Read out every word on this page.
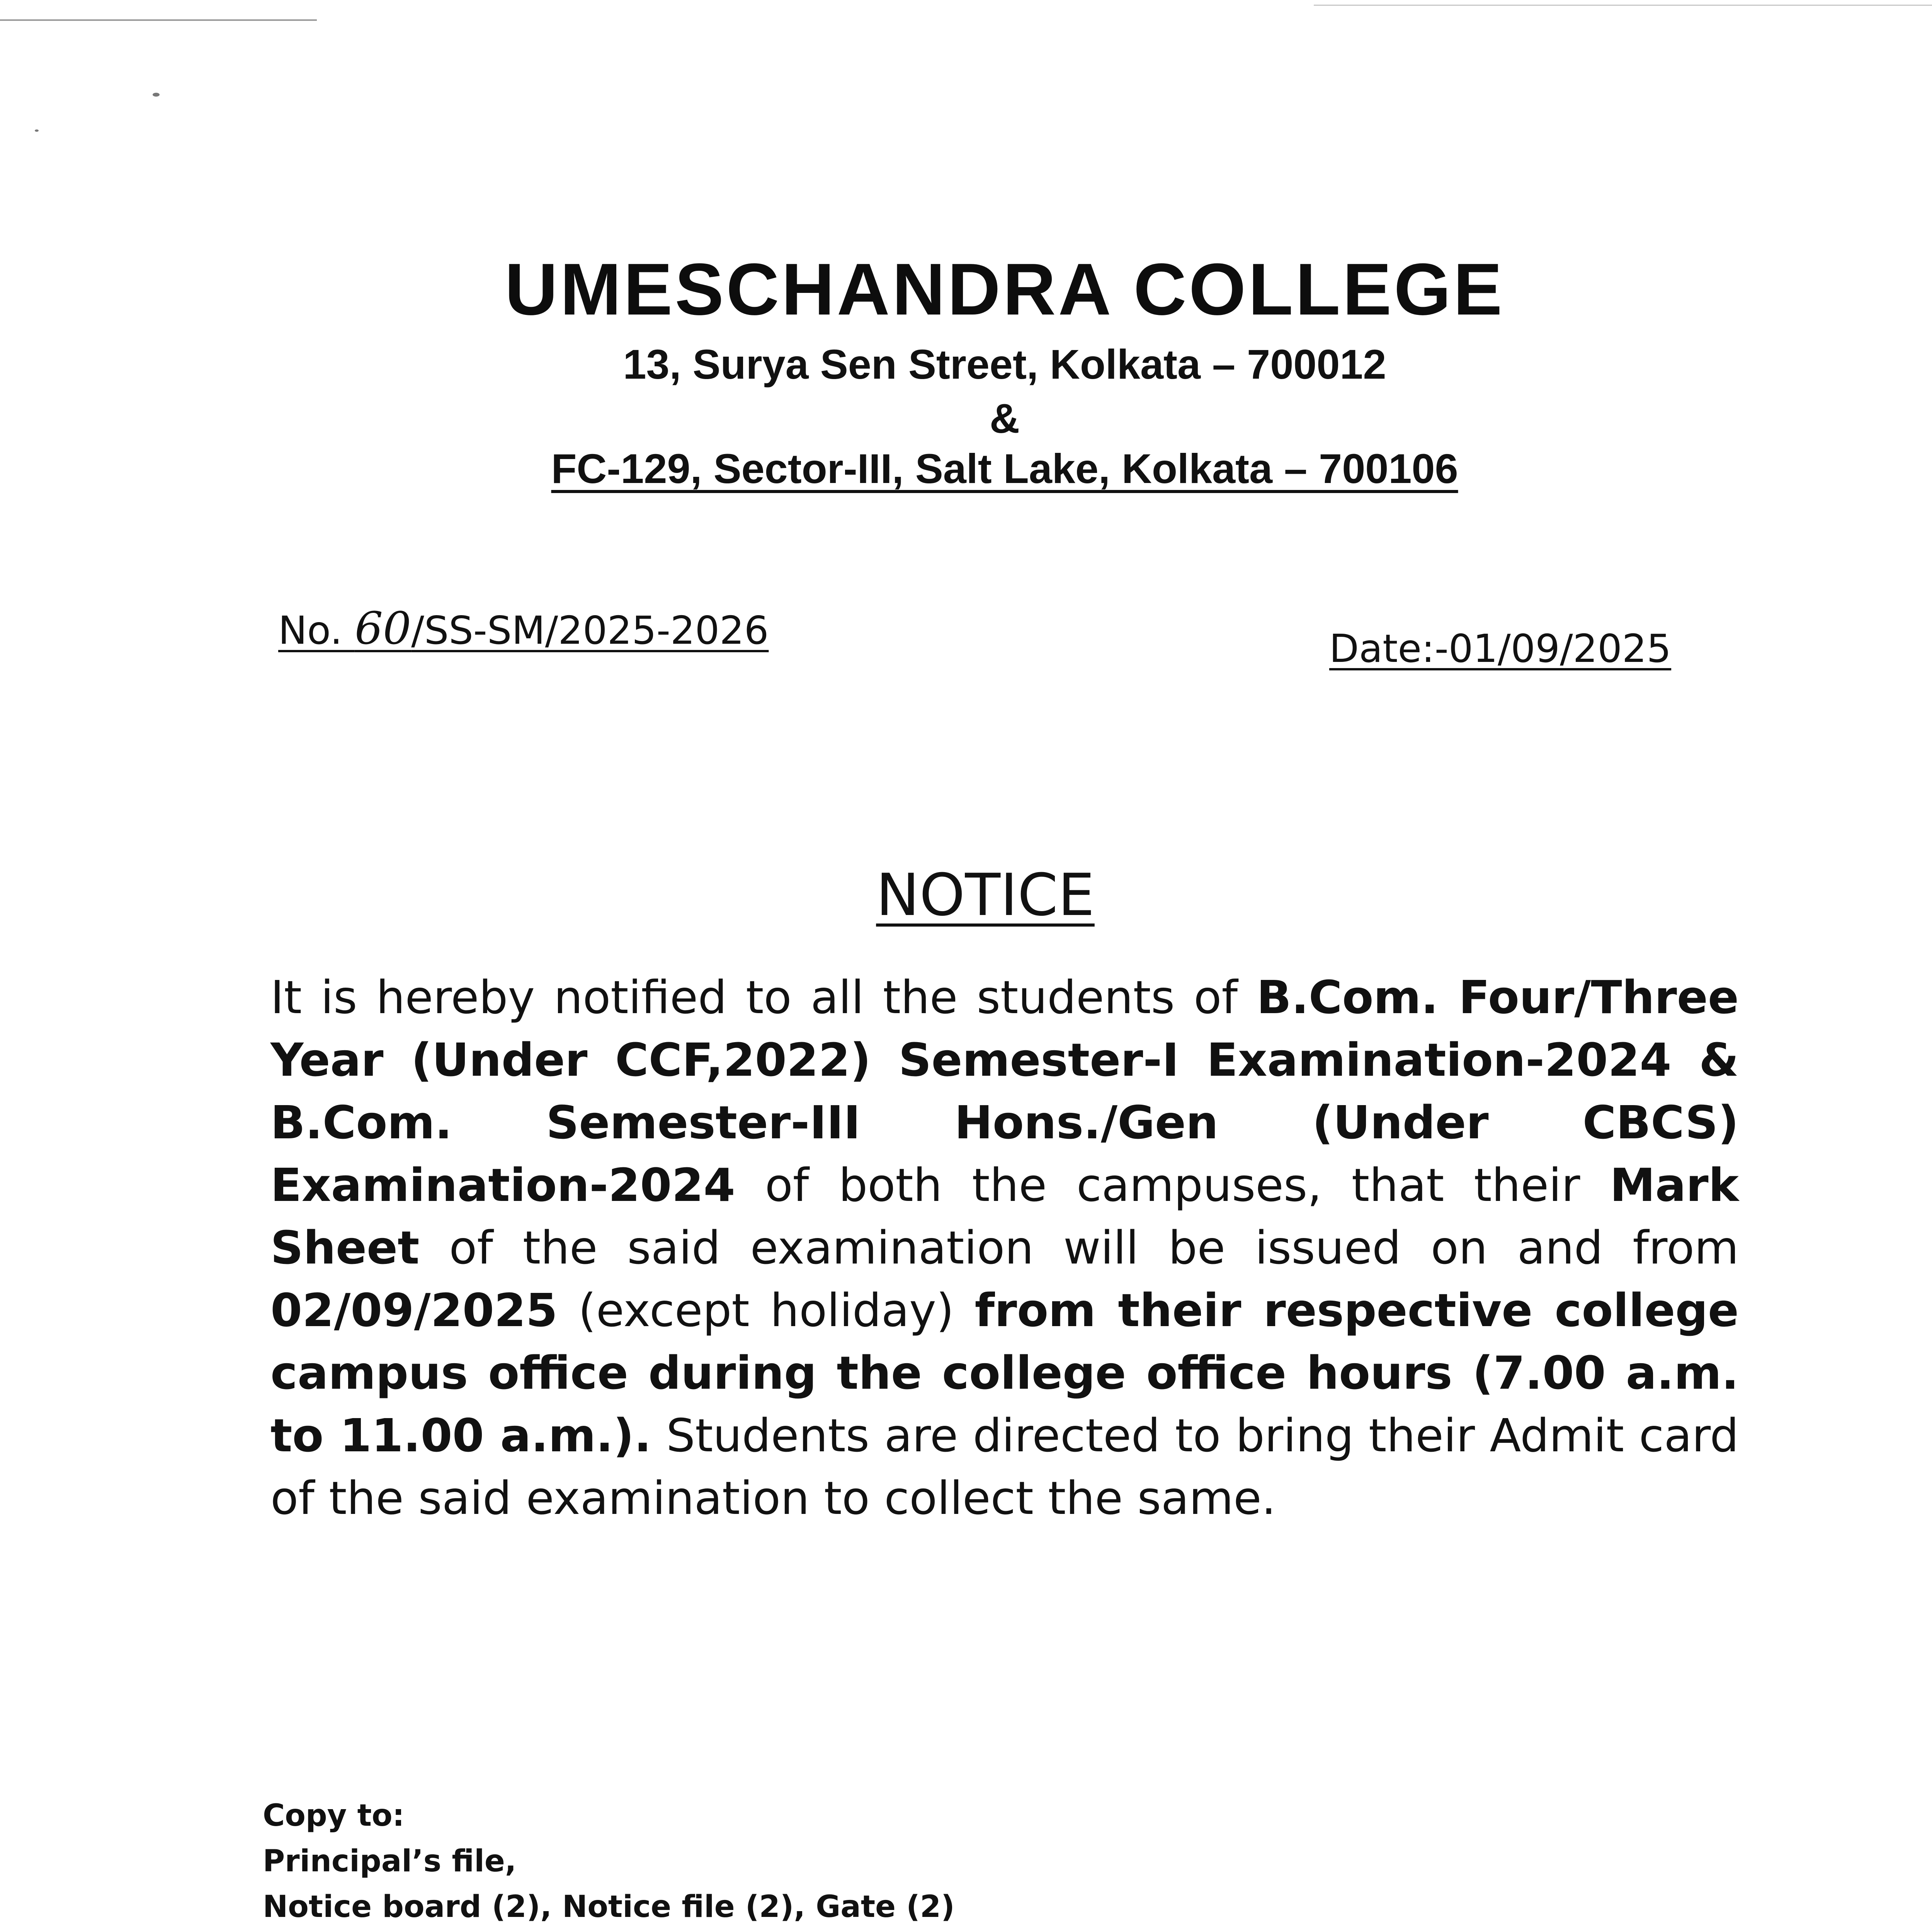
UMESCHANDRA COLLEGE
13, Surya Sen Street, Kolkata – 700012
&
FC-129, Sector-III, Salt Lake, Kolkata – 700106
No. 60/SS-SM/2025-2026	Date:-01/09/2025
NOTICE
It is hereby notified to all the students of B.Com. Four/Three Year (Under CCF,2022) Semester-I Examination-2024 & B.Com. Semester-III Hons./Gen (Under CBCS) Examination-2024 of both the campuses, that their Mark Sheet of the said examination will be issued on and from 02/09/2025 (except holiday) from their respective college campus office during the college office hours (7.00 a.m. to 11.00 a.m.). Students are directed to bring their Admit card of the said examination to collect the same.
Copy to:
Principal’s file,
Notice board (2), Notice file (2), Gate (2)
